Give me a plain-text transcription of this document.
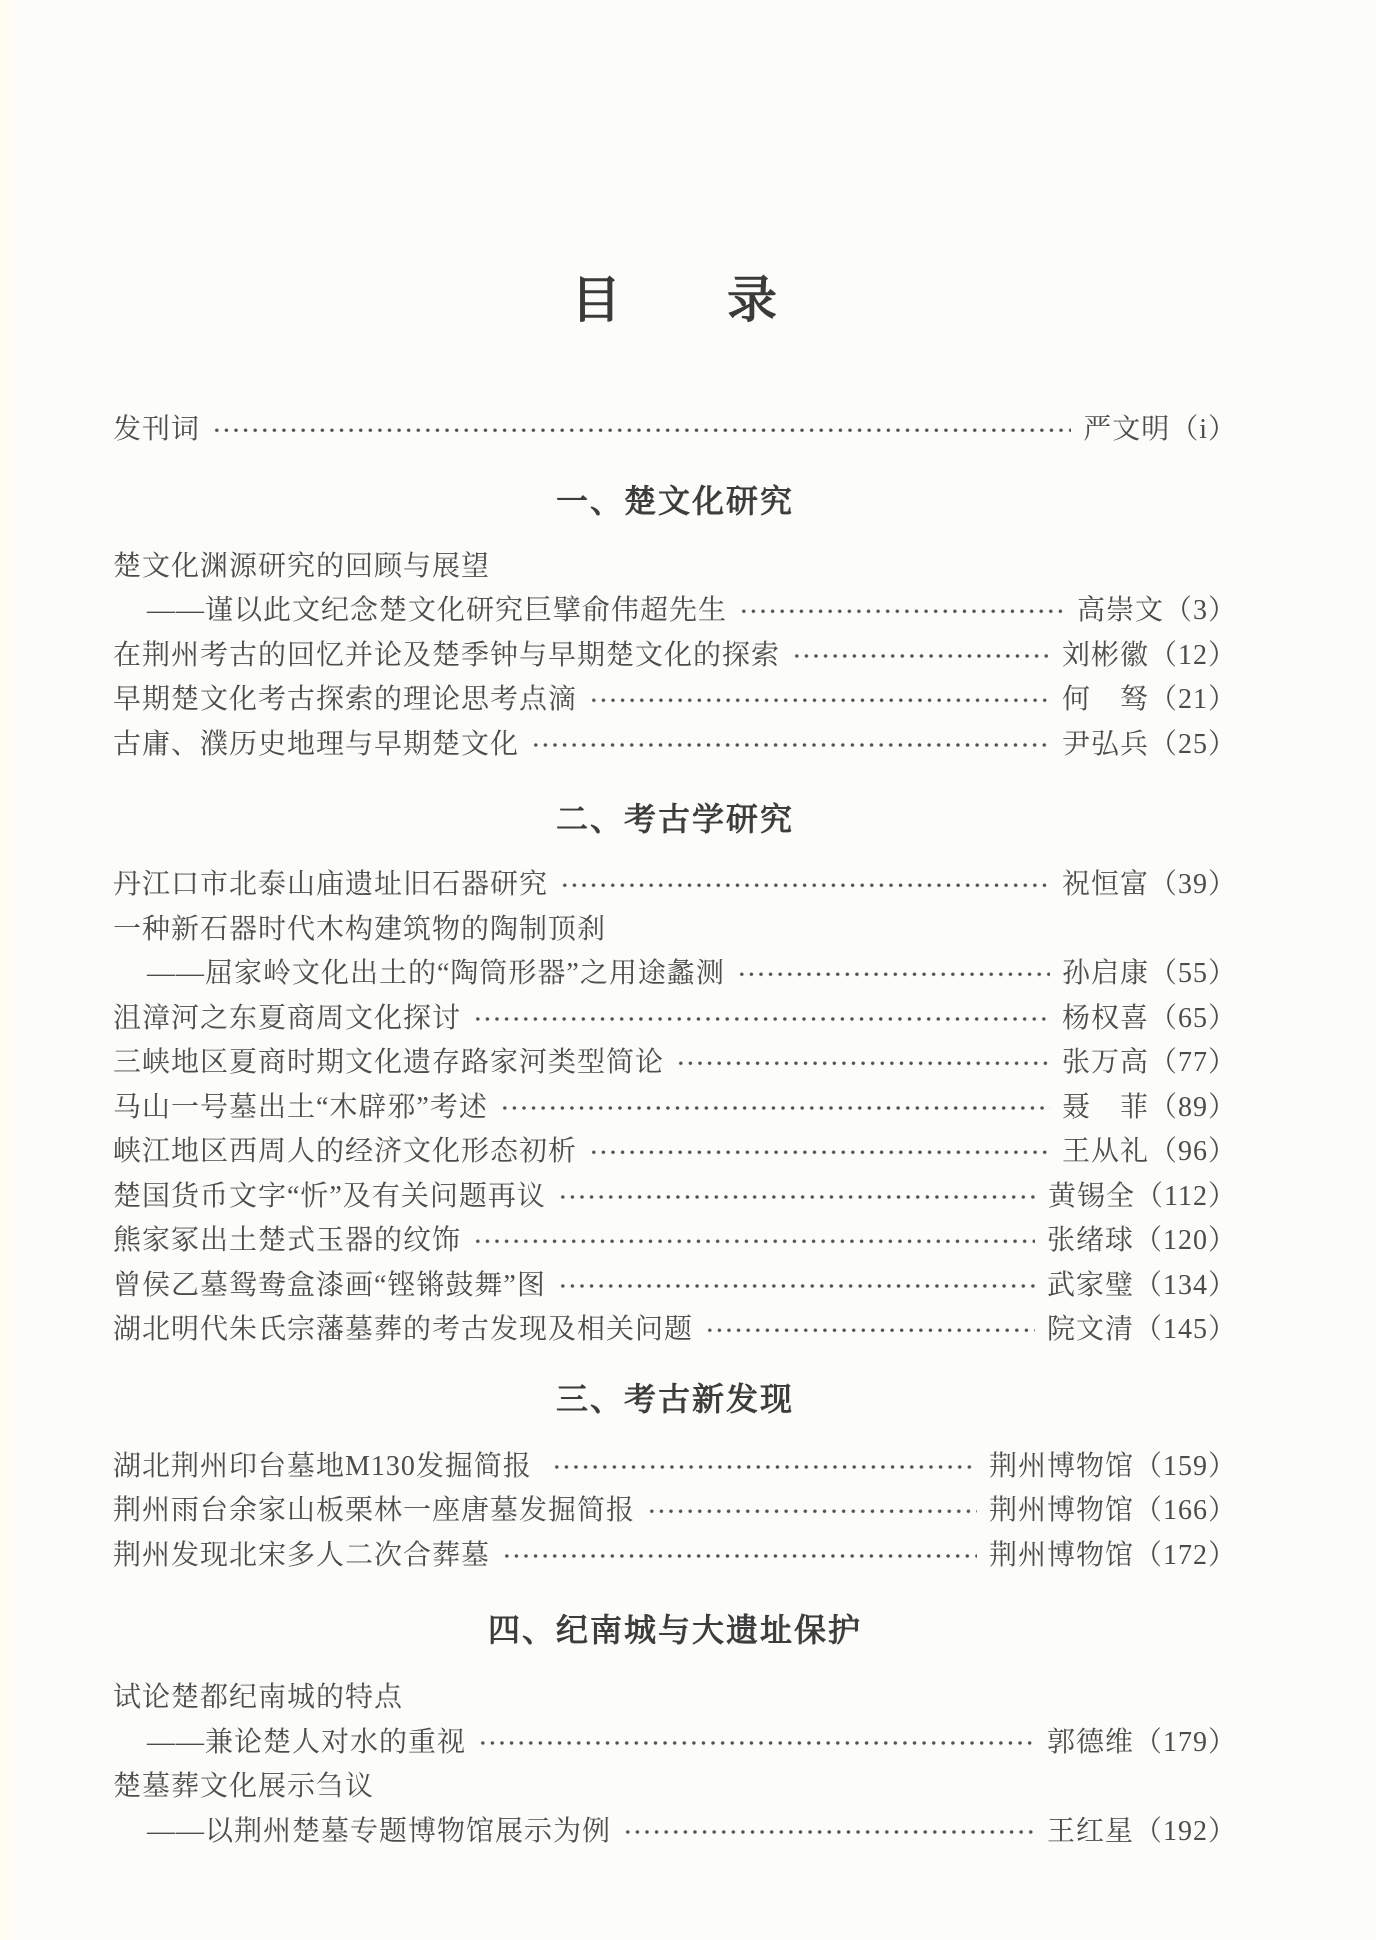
目　　录
发刊词	严文明（i）
一、楚文化研究
楚文化渊源研究的回顾与展望
——谨以此文纪念楚文化研究巨擘俞伟超先生	高崇文（3）
在荆州考古的回忆并论及楚季钟与早期楚文化的探索	刘彬徽（12）
早期楚文化考古探索的理论思考点滴	何　驽（21）
古庸、濮历史地理与早期楚文化	尹弘兵（25）
二、考古学研究
丹江口市北泰山庙遗址旧石器研究	祝恒富（39）
一种新石器时代木构建筑物的陶制顶刹
——屈家岭文化出土的“陶筒形器”之用途蠡测	孙启康（55）
沮漳河之东夏商周文化探讨	杨权喜（65）
三峡地区夏商时期文化遗存路家河类型简论	张万高（77）
马山一号墓出土“木辟邪”考述	聂　菲（89）
峡江地区西周人的经济文化形态初析	王从礼（96）
楚国货币文字“忻”及有关问题再议	黄锡全（112）
熊家冢出土楚式玉器的纹饰	张绪球（120）
曾侯乙墓鸳鸯盒漆画“铿锵鼓舞”图	武家璧（134）
湖北明代朱氏宗藩墓葬的考古发现及相关问题	院文清（145）
三、考古新发现
湖北荆州印台墓地M130发掘简报	荆州博物馆（159）
荆州雨台余家山板栗林一座唐墓发掘简报	荆州博物馆（166）
荆州发现北宋多人二次合葬墓	荆州博物馆（172）
四、纪南城与大遗址保护
试论楚都纪南城的特点
——兼论楚人对水的重视	郭德维（179）
楚墓葬文化展示刍议
——以荆州楚墓专题博物馆展示为例	王红星（192）
